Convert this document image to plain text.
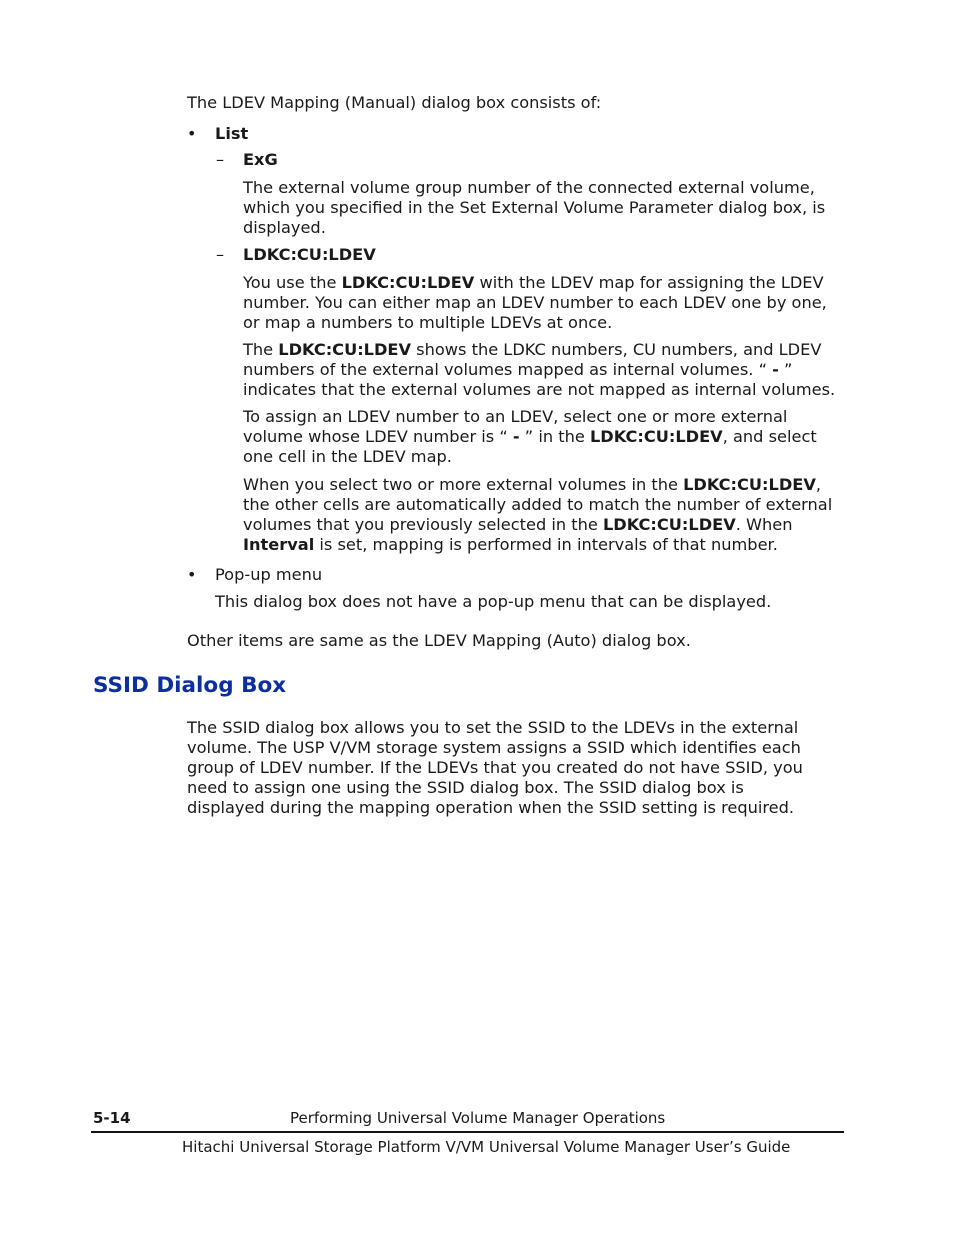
The LDEV Mapping (Manual) dialog box consists of:
• List
– ExG
The external volume group number of the connected external volume,
which you specified in the Set External Volume Parameter dialog box, is
displayed.
– LDKC:CU:LDEV
You use the LDKC:CU:LDEV with the LDEV map for assigning the LDEV
number. You can either map an LDEV number to each LDEV one by one,
or map a numbers to multiple LDEVs at once.
The LDKC:CU:LDEV shows the LDKC numbers, CU numbers, and LDEV
numbers of the external volumes mapped as internal volumes. “ - ”
indicates that the external volumes are not mapped as internal volumes.
To assign an LDEV number to an LDEV, select one or more external
volume whose LDEV number is “ - ” in the LDKC:CU:LDEV, and select
one cell in the LDEV map.
When you select two or more external volumes in the LDKC:CU:LDEV,
the other cells are automatically added to match the number of external
volumes that you previously selected in the LDKC:CU:LDEV. When
Interval is set, mapping is performed in intervals of that number.
• Pop-up menu
This dialog box does not have a pop-up menu that can be displayed.
Other items are same as the LDEV Mapping (Auto) dialog box.
SSID Dialog Box
The SSID dialog box allows you to set the SSID to the LDEVs in the external
volume. The USP V/VM storage system assigns a SSID which identifies each
group of LDEV number. If the LDEVs that you created do not have SSID, you
need to assign one using the SSID dialog box. The SSID dialog box is
displayed during the mapping operation when the SSID setting is required.
5-14	Performing Universal Volume Manager Operations
Hitachi Universal Storage Platform V/VM Universal Volume Manager User’s Guide
